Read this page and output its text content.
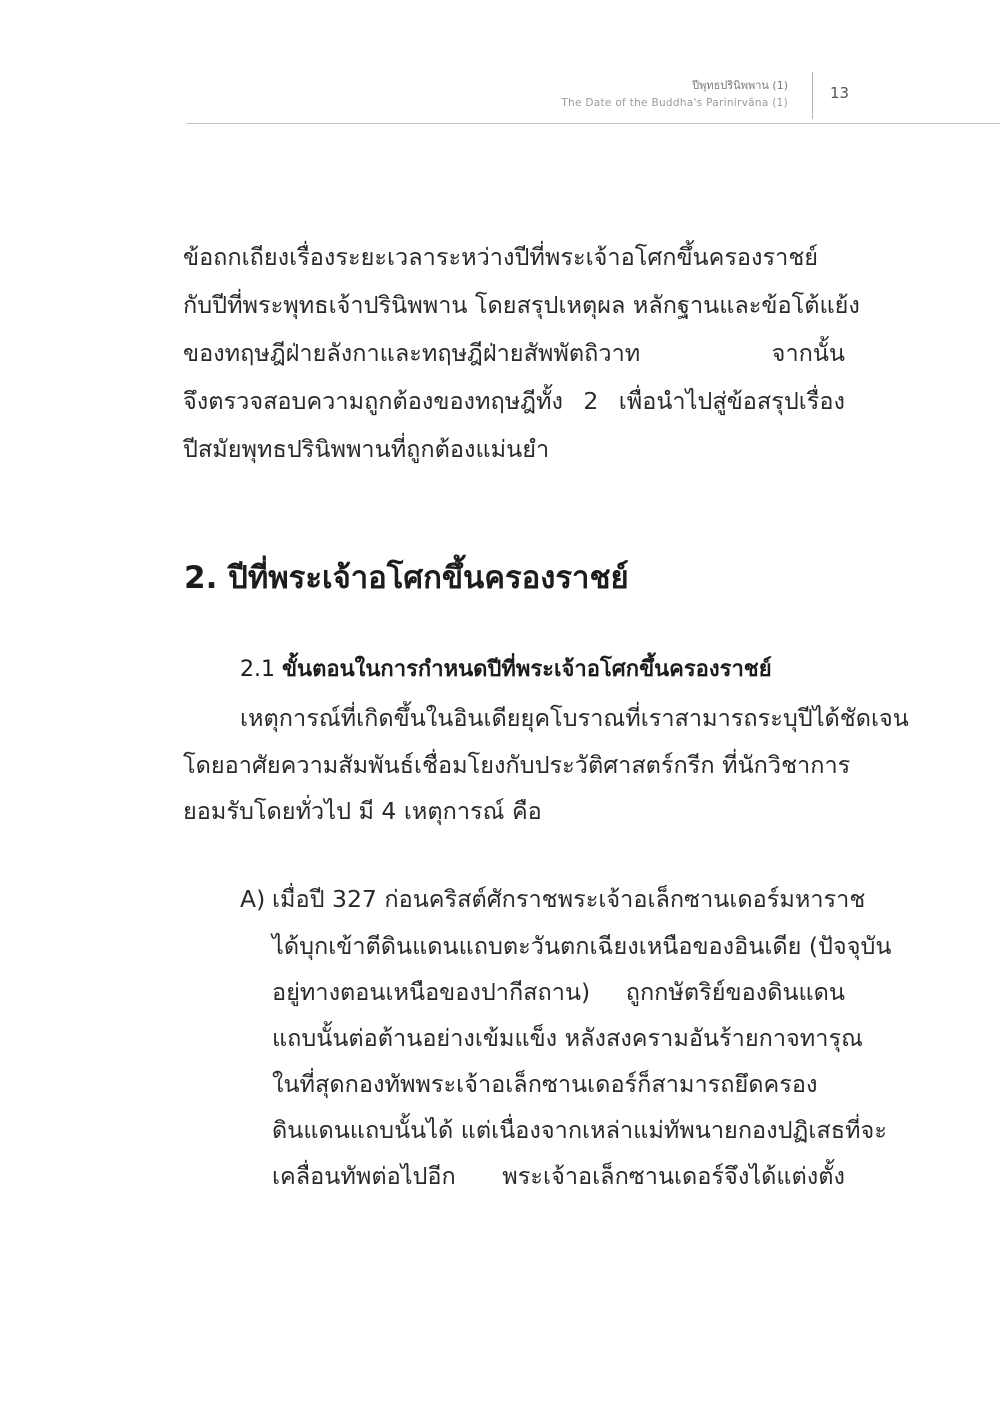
ปีพุทธปรินิพพาน (1)
The Date of the Buddha's Parinirvāna (1)
13
ข้อถกเถียงเรื่องระยะเวลาระหว่างปีที่พระเจ้าอโศกขึ้นครองราชย์
กับปีที่พระพุทธเจ้าปรินิพพาน โดยสรุปเหตุผล หลักฐานและข้อโต้แย้ง
ของทฤษฎีฝ่ายลังกาและทฤษฎีฝ่ายสัพพัตถิวาท จากนั้น
จึงตรวจสอบความถูกต้องของทฤษฎีทั้ง 2 เพื่อนำไปสู่ข้อสรุปเรื่อง
ปีสมัยพุทธปรินิพพานที่ถูกต้องแม่นยำ
2. ปีที่พระเจ้าอโศกขึ้นครองราชย์
2.1 ขั้นตอนในการกำหนดปีที่พระเจ้าอโศกขึ้นครองราชย์
เหตุการณ์ที่เกิดขึ้นในอินเดียยุคโบราณที่เราสามารถระบุปีได้ชัดเจน
โดยอาศัยความสัมพันธ์เชื่อมโยงกับประวัติศาสตร์กรีก ที่นักวิชาการ
ยอมรับโดยทั่วไป มี 4 เหตุการณ์ คือ
A) เมื่อปี 327 ก่อนคริสต์ศักราชพระเจ้าอเล็กซานเดอร์มหาราช
ได้บุกเข้าตีดินแดนแถบตะวันตกเฉียงเหนือของอินเดีย (ปัจจุบัน
อยู่ทางตอนเหนือของปากีสถาน) ถูกกษัตริย์ของดินแดน
แถบนั้นต่อต้านอย่างเข้มแข็ง หลังสงครามอันร้ายกาจทารุณ
ในที่สุดกองทัพพระเจ้าอเล็กซานเดอร์ก็สามารถยึดครอง
ดินแดนแถบนั้นได้ แต่เนื่องจากเหล่าแม่ทัพนายกองปฏิเสธที่จะ
เคลื่อนทัพต่อไปอีก พระเจ้าอเล็กซานเดอร์จึงได้แต่งตั้ง
